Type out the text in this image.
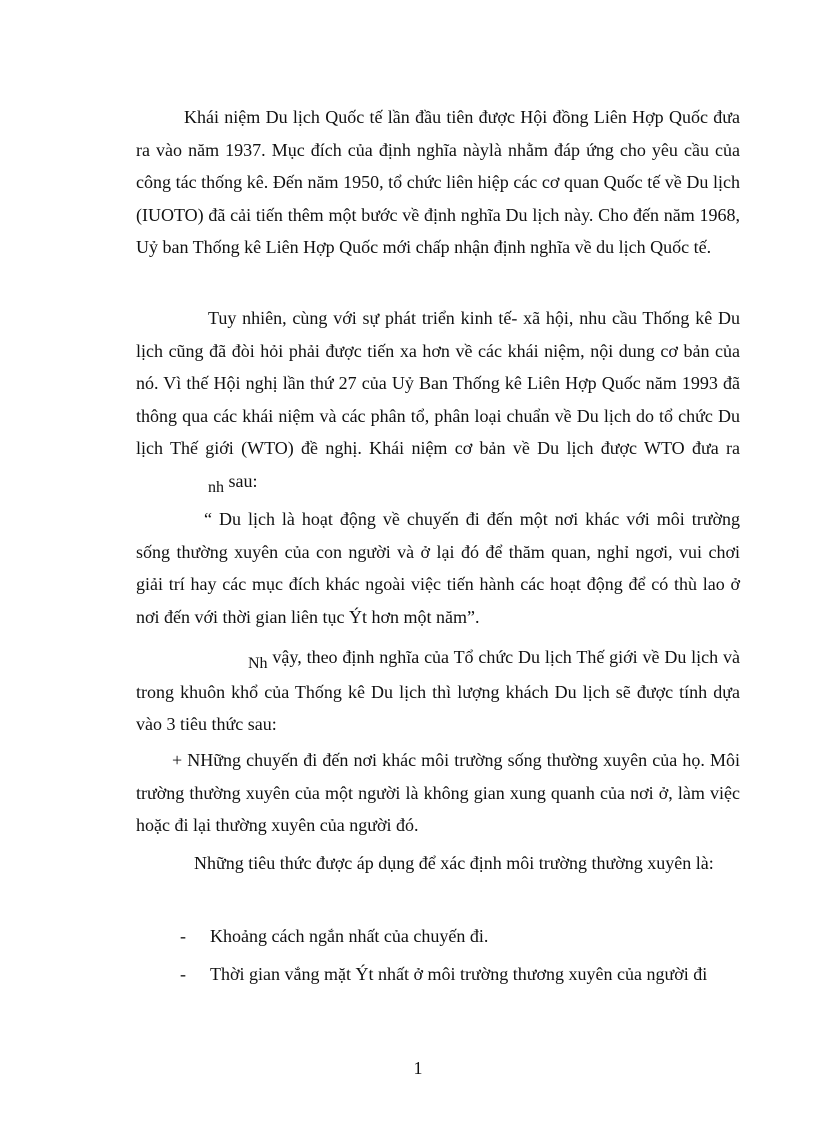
Khái niệm Du lịch Quốc tế lần đầu tiên được Hội đồng Liên Hợp Quốc đưa ra vào năm 1937. Mục đích của định nghĩa nàylà nhằm đáp ứng cho yêu cầu của công tác thống kê. Đến năm 1950, tổ chức liên hiệp các cơ quan Quốc tế về Du lịch (IUOTO) đã cải tiến thêm một bước về định nghĩa Du lịch này. Cho đến năm 1968, Uỷ ban Thống kê Liên Hợp Quốc mới chấp nhận định nghĩa về du lịch Quốc tế.

Tuy nhiên, cùng với sự phát triển kinh tế- xã hội, nhu cầu Thống kê Du lịch cũng đã đòi hỏi phải được tiến xa hơn về các khái niệm, nội dung cơ bản của nó. Vì thế Hội nghị lần thứ 27 của Uỷ Ban Thống kê Liên Hợp Quốc năm 1993 đã thông qua các khái niệm và các phân tổ, phân loại chuẩn về Du lịch do tổ chức Du lịch Thế giới (WTO) đề nghị. Khái niệm cơ bản về Du lịch được WTO đưa ra nh sau:

“ Du lịch là hoạt động về chuyến đi đến một nơi khác với môi trường sống thường xuyên của con người và ở lại đó để thăm quan, nghỉ ngơi, vui chơi giải trí hay các mục đích khác ngoài việc tiến hành các hoạt động để có thù lao ở nơi đến với thời gian liên tục Ýt hơn một năm”.

Nh vậy, theo định nghĩa của Tổ chức Du lịch Thế giới về Du lịch và trong khuôn khổ của Thống kê Du lịch thì lượng khách Du lịch sẽ được tính dựa vào 3 tiêu thức sau:

+ NHững chuyến đi đến nơi khác môi trường sống thường xuyên của họ. Môi trường thường xuyên của một người là không gian xung quanh của nơi ở, làm việc hoặc đi lại thường xuyên của người đó.

Những tiêu thức được áp dụng để xác định môi trường thường xuyên là:

- Khoảng cách ngắn nhất của chuyến đi.
- Thời gian vắng mặt Ýt nhất ở môi trường thương xuyên của người đi
1
